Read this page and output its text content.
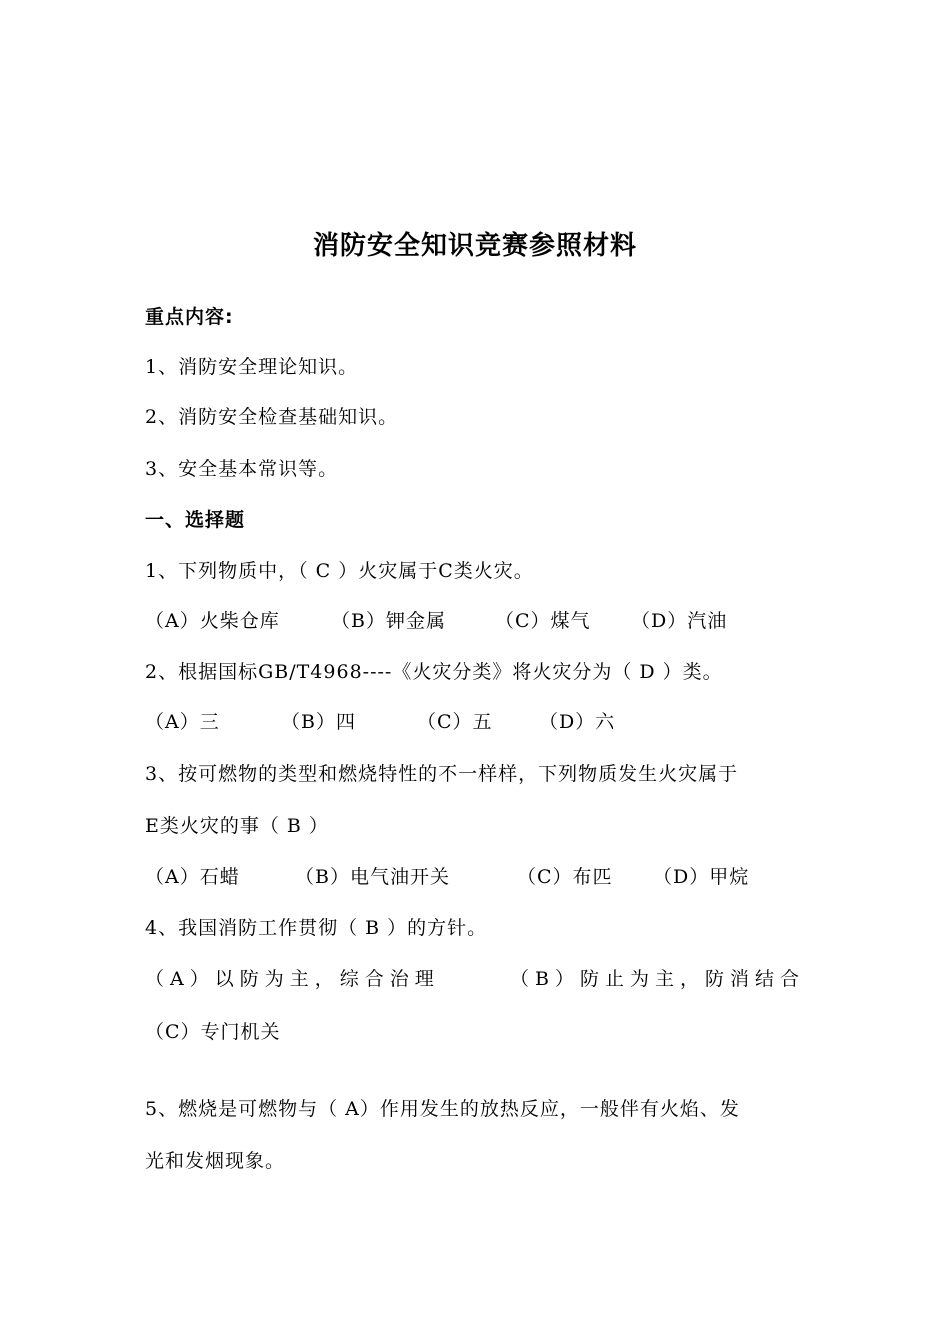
消防安全知识竞赛参照材料
重点内容:
1、消防安全理论知识。
2、消防安全检查基础知识。
3、安全基本常识等。
一、选择题
1、下列物质中，（ C ）火灾属于C类火灾。
（A）火柴仓库	（B）钾金属	（C）煤气	（D）汽油
2、根据国标GB/T4968----《火灾分类》将火灾分为（ D ）类。
（A）三	（B）四	（C）五	（D）六
3、按可燃物的类型和燃烧特性的不一样样，下列物质发生火灾属于
E类火灾的事（ B ）
（A）石蜡	（B）电气油开关	（C）布匹	（D）甲烷
4、我国消防工作贯彻（ B ）的方针。
（A）以防为主，综合治理	（B）防止为主，防消结合
（C）专门机关
5、燃烧是可燃物与（ A）作用发生的放热反应，一般伴有火焰、发
光和发烟现象。
